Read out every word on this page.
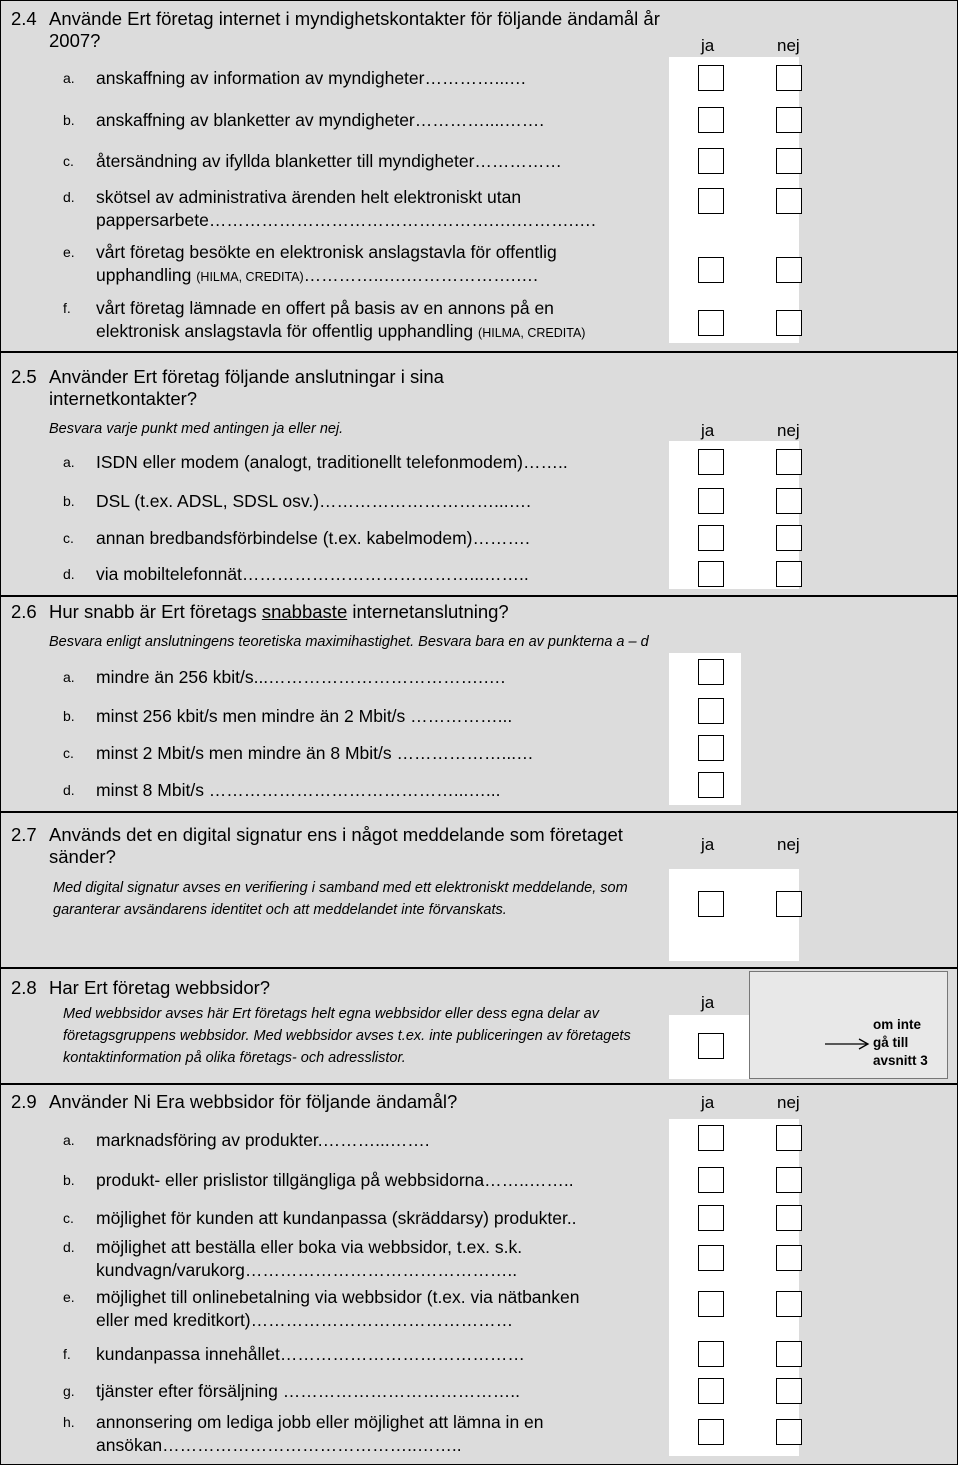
2.4 Använde Ert företag internet i myndighetskontakter för följande ändamål år 2007?	ja	nej
a. anskaffning av information av myndigheter…………...…
b. anskaffning av blanketter av myndigheter…………....…….
c. återsändning av ifyllda blanketter till myndigheter……………
d. skötsel av administrativa ärenden helt elektroniskt utan
pappersarbete………………………………………….….……….….
e. vårt företag besökte en elektronisk anslagstavla för offentlig
upphandling (HILMA, CREDITA)…………..….……………….….
f. vårt företag lämnade en offert på basis av en annons på en
elektronisk anslagstavla för offentlig upphandling (HILMA, CREDITA)
2.5 Använder Ert företag följande anslutningar i sina internetkontakter?
Besvara varje punkt med antingen ja eller nej.	ja	nej
a. ISDN eller modem (analogt, traditionellt telefonmodem)……..
b. DSL (t.ex. ADSL, SDSL osv.)…………………………...….
c. annan bredbandsförbindelse (t.ex. kabelmodem)……….
d. via mobiltelefonnät…………………………………...……..
2.6 Hur snabb är Ert företags snabbaste internetanslutning?
Besvara enligt anslutningens teoretiska maximihastighet. Besvara bara en av punkterna a – d
a. mindre än 256 kbit/s...……………………………….….
b. minst 256 kbit/s men mindre än 2 Mbit/s ……………...
c. minst 2 Mbit/s men mindre än 8 Mbit/s ………………...…
d. minst 8 Mbit/s ……………………………………...…...
2.7 Används det en digital signatur ens i något meddelande som företaget sänder?
Med digital signatur avses en verifiering i samband med ett elektroniskt meddelande, som garanterar avsändarens identitet och att meddelandet inte förvanskats.
ja	nej
2.8 Har Ert företag webbsidor?
Med webbsidor avses här Ert företags helt egna webbsidor eller dess egna delar av företagsgruppens webbsidor. Med webbsidor avses t.ex. inte publiceringen av företagets kontaktinformation på olika företags- och adresslistor.
ja
om inte
gå till
avsnitt 3
2.9 Använder Ni Era webbsidor för följande ändamål?	ja	nej
a. marknadsföring av produkter.………...…….
b. produkt- eller prislistor tillgängliga på webbsidorna……..……..
c. möjlighet för kunden att kundanpassa (skräddarsy) produkter..
d. möjlighet att beställa eller boka via webbsidor, t.ex. s.k.
kundvagn/varukorg………………………………………..
e. möjlighet till onlinebetalning via webbsidor (t.ex. via nätbanken
eller med kreditkort)………………………………………
f. kundanpassa innehållet……………………………………
g. tjänster efter försäljning …………………………………..
h. annonsering om lediga jobb eller möjlighet att lämna in en
ansökan……………………………………..……..
